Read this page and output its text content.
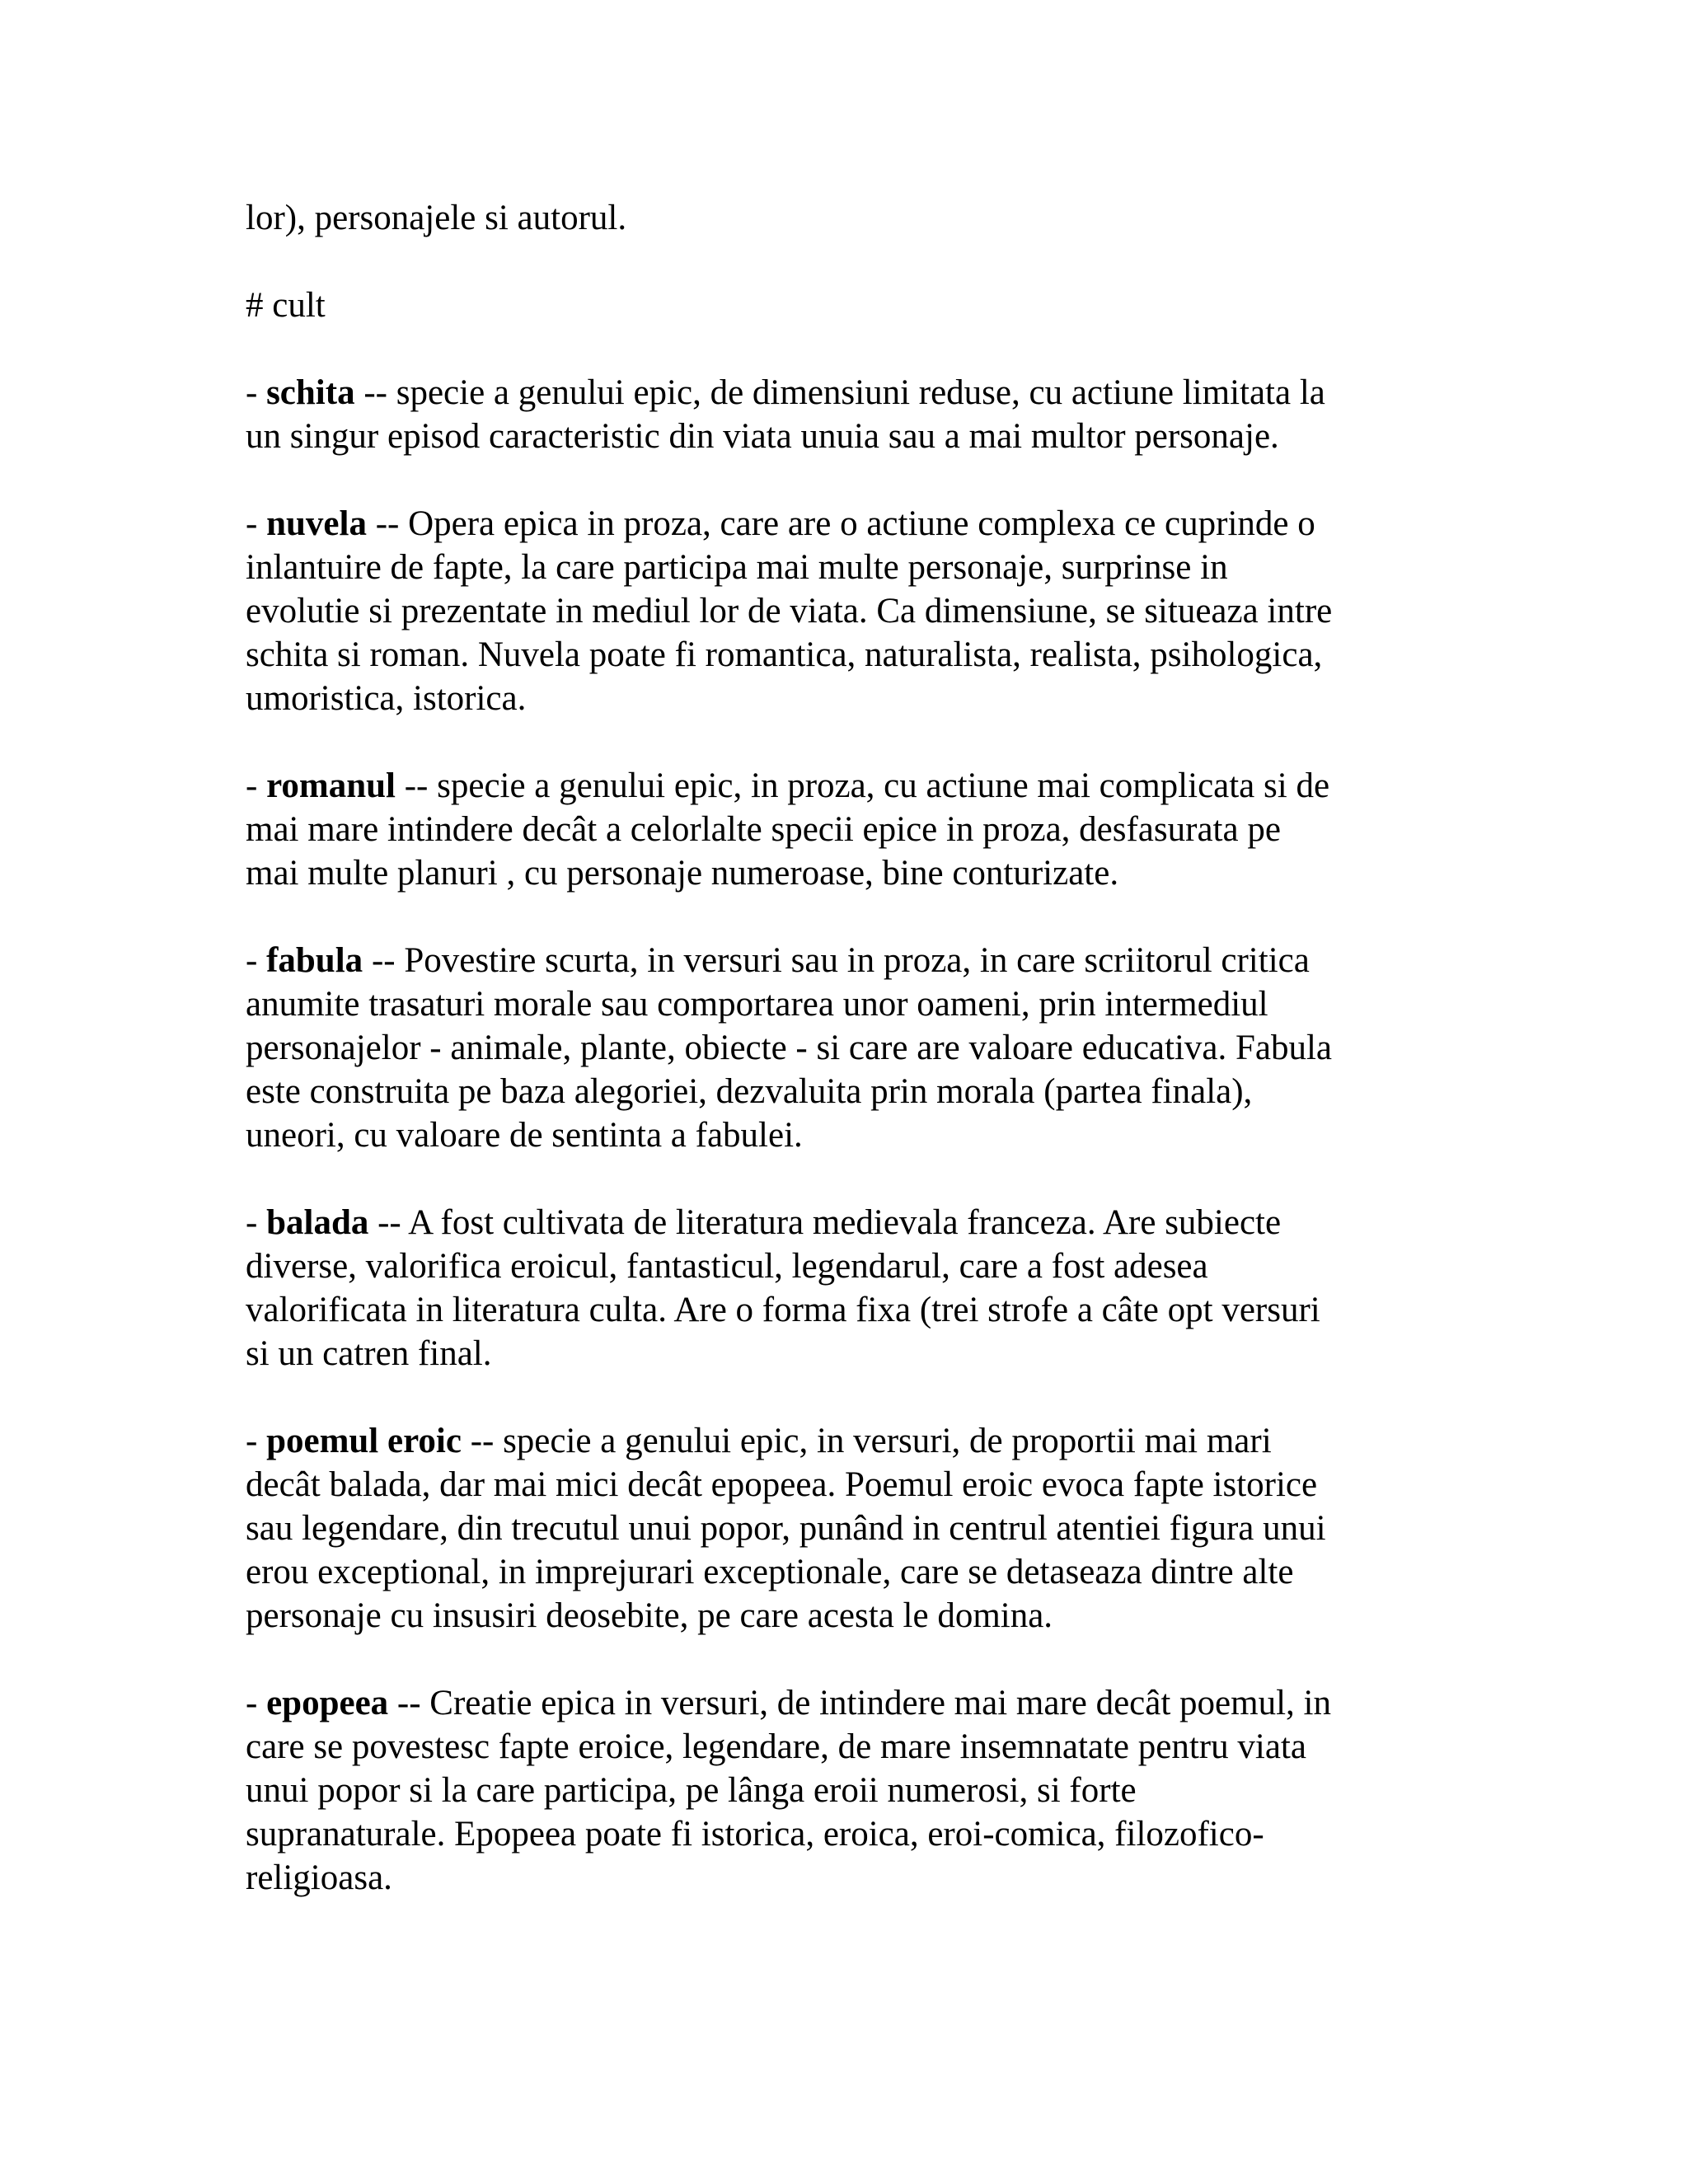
lor), personajele si autorul.

# cult

- schita -- specie a genului epic, de dimensiuni reduse, cu actiune limitata la
un singur episod caracteristic din viata unuia sau a mai multor personaje.

- nuvela -- Opera epica in proza, care are o actiune complexa ce cuprinde o
inlantuire de fapte, la care participa mai multe personaje, surprinse in
evolutie si prezentate in mediul lor de viata. Ca dimensiune, se situeaza intre
schita si roman. Nuvela poate fi romantica, naturalista, realista, psihologica,
umoristica, istorica.

- romanul -- specie a genului epic, in proza, cu actiune mai complicata si de
mai mare intindere decât a celorlalte specii epice in proza, desfasurata pe
mai multe planuri , cu personaje numeroase, bine conturizate.

- fabula -- Povestire scurta, in versuri sau in proza, in care scriitorul critica
anumite trasaturi morale sau comportarea unor oameni, prin intermediul
personajelor - animale, plante, obiecte - si care are valoare educativa. Fabula
este construita pe baza alegoriei, dezvaluita prin morala (partea finala),
uneori, cu valoare de sentinta a fabulei.

- balada -- A fost cultivata de literatura medievala franceza. Are subiecte
diverse, valorifica eroicul, fantasticul, legendarul, care a fost adesea
valorificata in literatura culta. Are o forma fixa (trei strofe a câte opt versuri
si un catren final.

- poemul eroic -- specie a genului epic, in versuri, de proportii mai mari
decât balada, dar mai mici decât epopeea. Poemul eroic evoca fapte istorice
sau legendare, din trecutul unui popor, punând in centrul atentiei figura unui
erou exceptional, in imprejurari exceptionale, care se detaseaza dintre alte
personaje cu insusiri deosebite, pe care acesta le domina.

- epopeea -- Creatie epica in versuri, de intindere mai mare decât poemul, in
care se povestesc fapte eroice, legendare, de mare insemnatate pentru viata
unui popor si la care participa, pe lânga eroii numerosi, si forte
supranaturale. Epopeea poate fi istorica, eroica, eroi-comica, filozofico-
religioasa.
